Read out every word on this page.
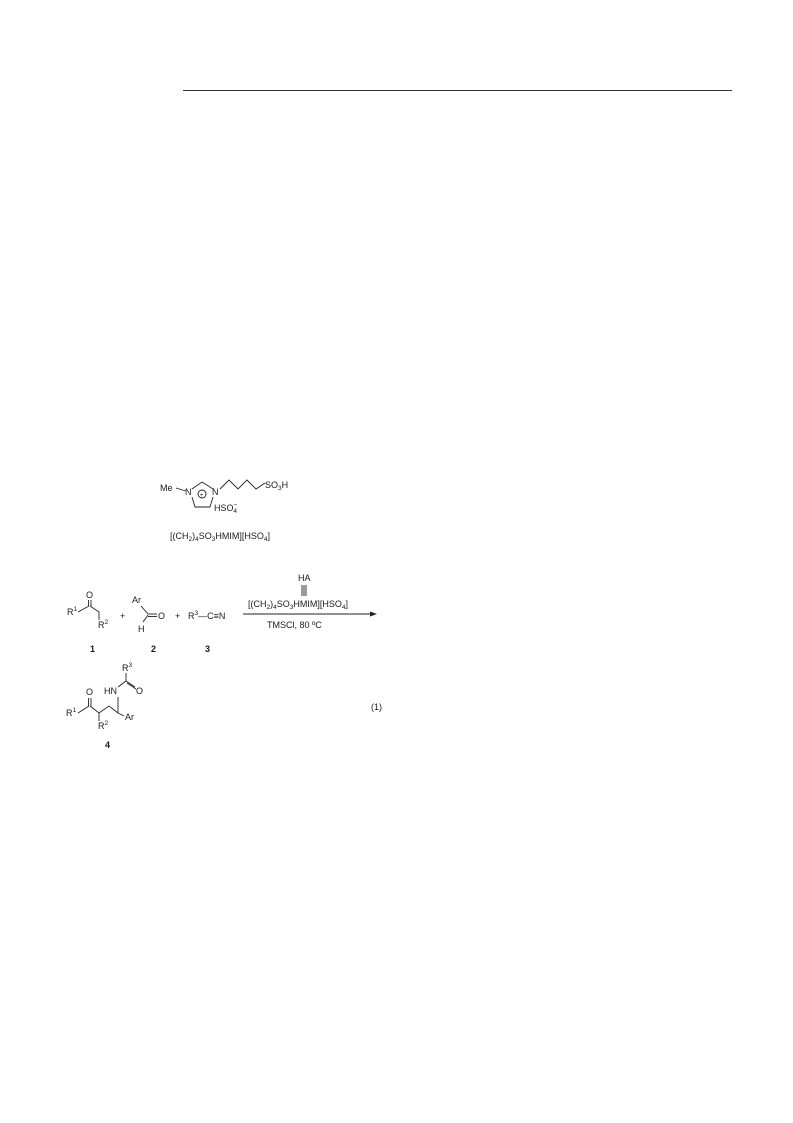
Me N + N
$SO_3H$
HSO− 4
$[(CH_2)_4SO_3HMIM][HSO_4]$
$R^1$
O
$R^2$
1
+
Ar
O
H
2
+ $R^3—C\equiv N$
3
HA
$[(CH_2)_4SO_3HMIM][HSO_4]$
TMSCl, 80 ºC
$R^1$
O
$R^2$
Ar
HN
$R^3$
O
4
(1)
